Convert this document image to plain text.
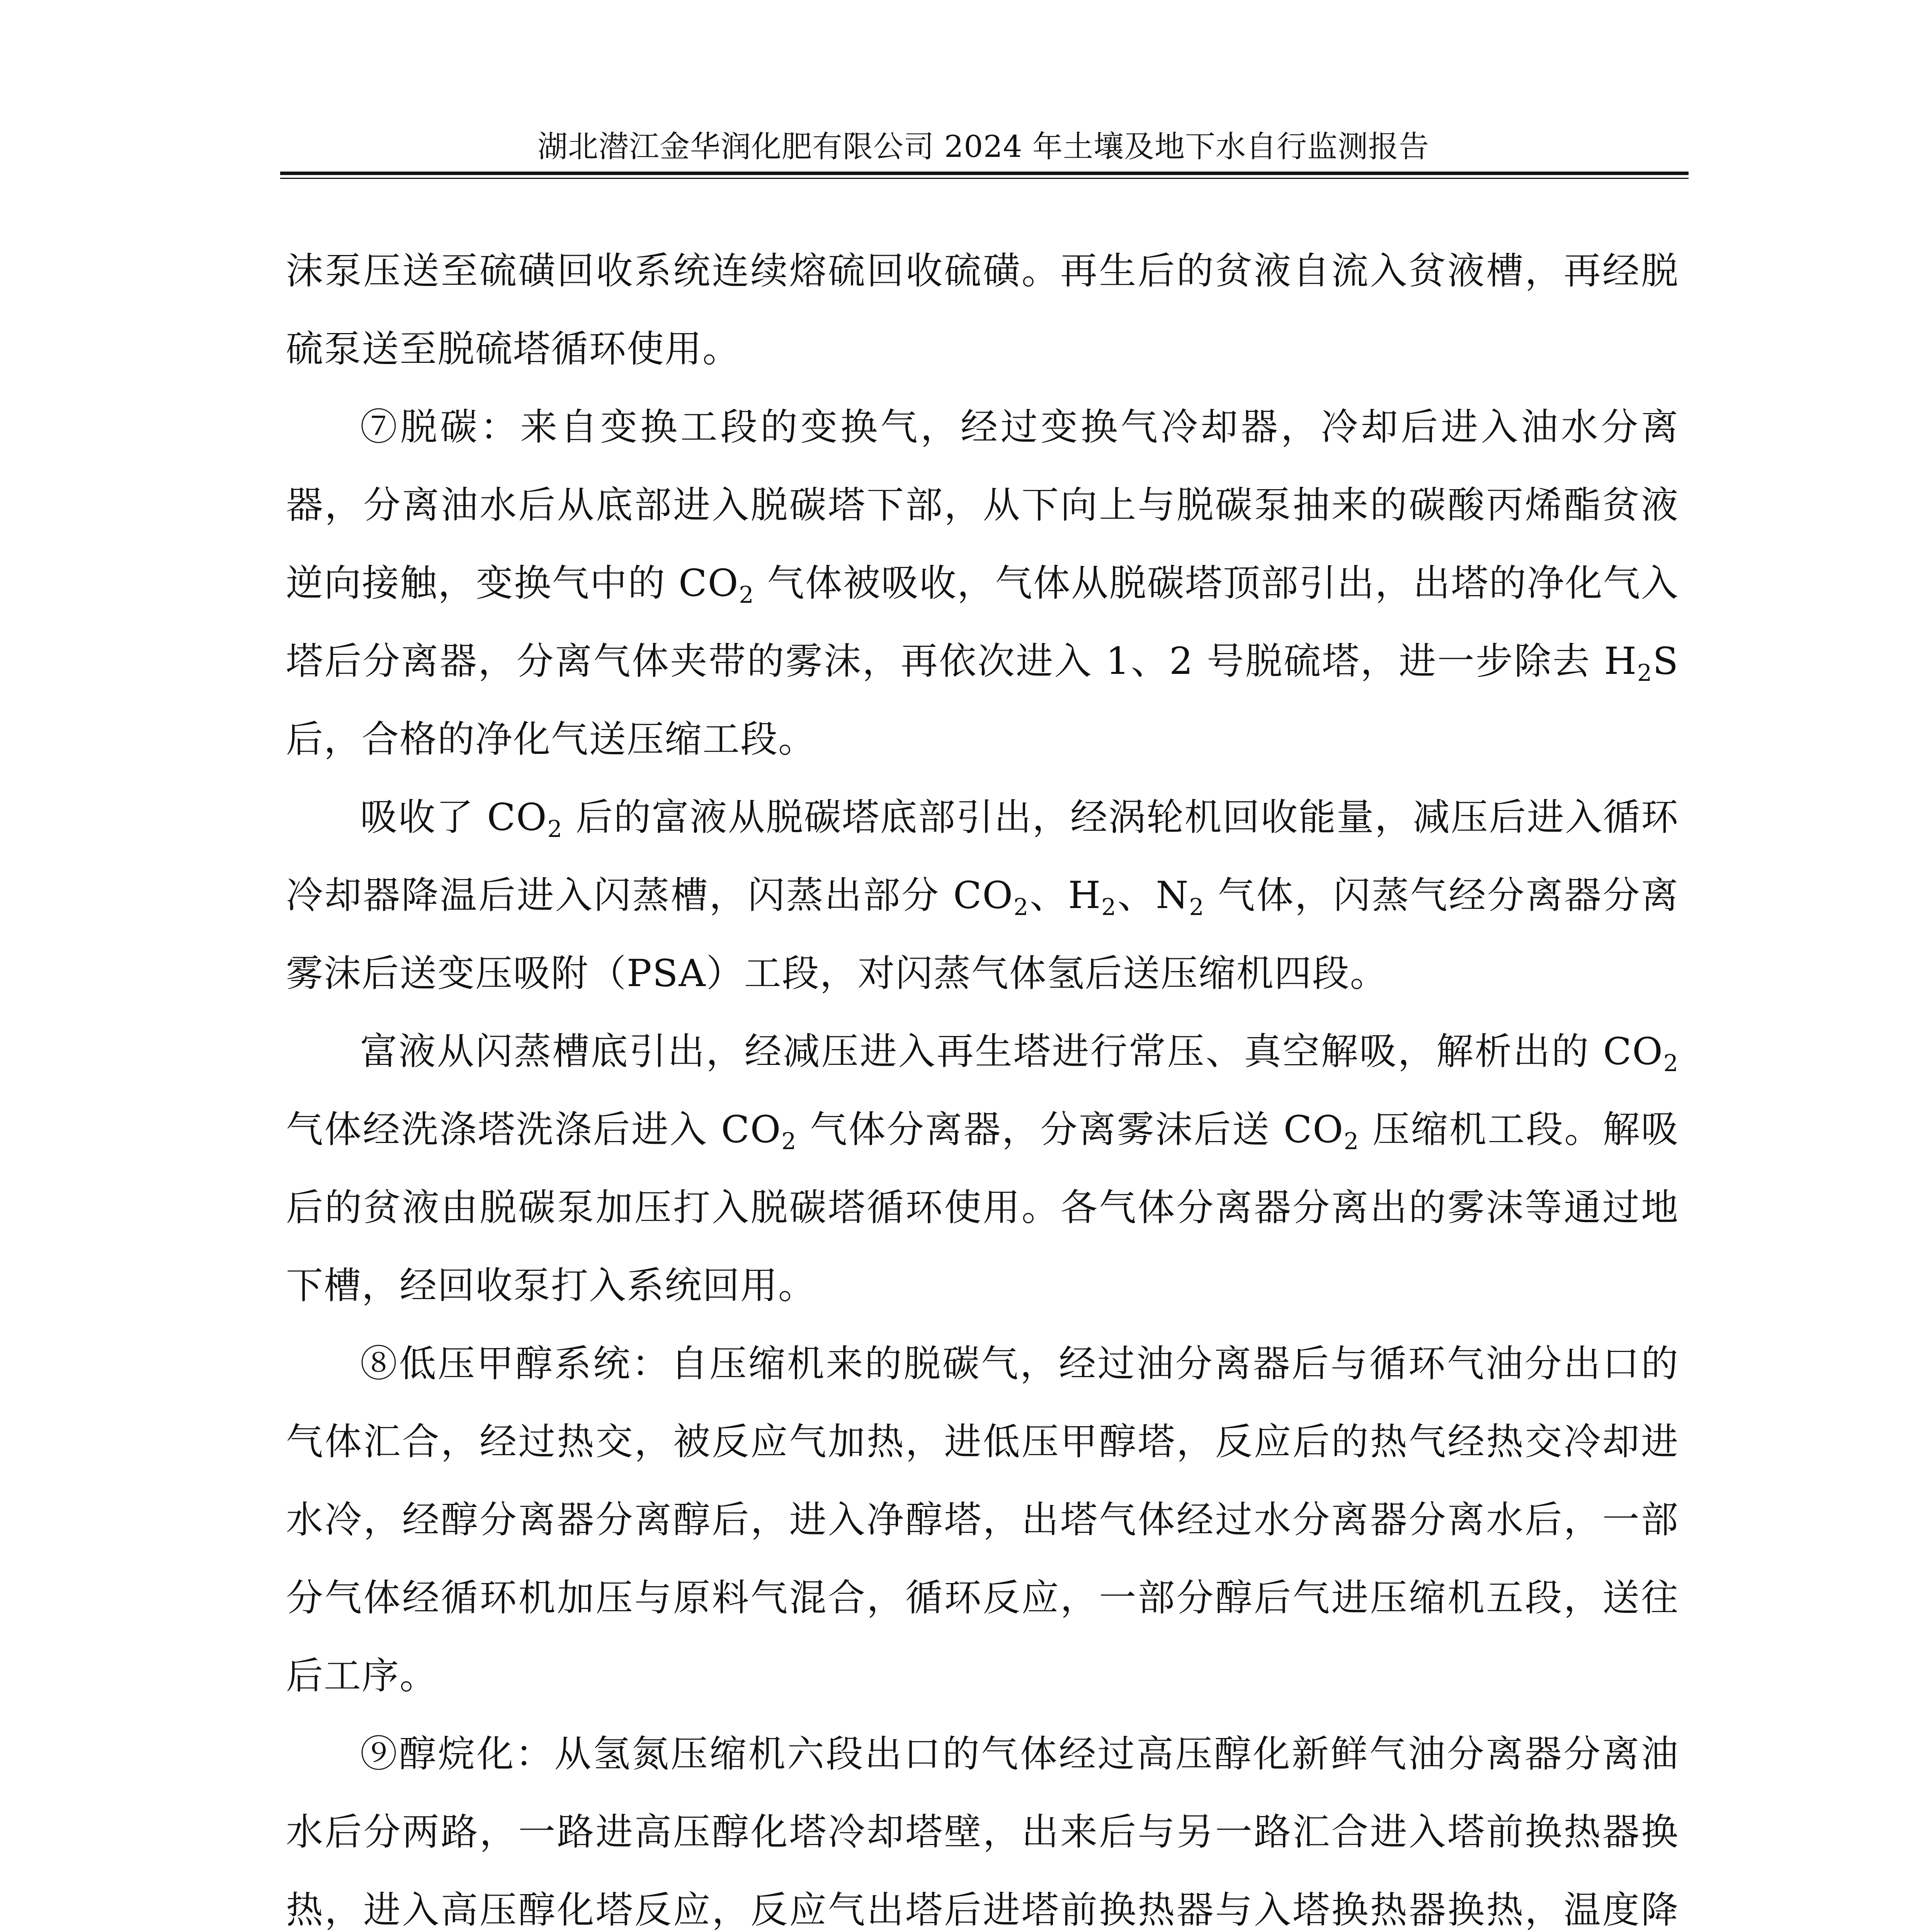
湖北潜江金华润化肥有限公司 2024 年土壤及地下水自行监测报告

沫泵压送至硫磺回收系统连续熔硫回收硫磺。再生后的贫液自流入贫液槽，再经脱硫泵送至脱硫塔循环使用。

⑦脱碳：来自变换工段的变换气，经过变换气冷却器，冷却后进入油水分离器，分离油水后从底部进入脱碳塔下部，从下向上与脱碳泵抽来的碳酸丙烯酯贫液逆向接触，变换气中的 $CO_2$ 气体被吸收，气体从脱碳塔顶部引出，出塔的净化气入塔后分离器，分离气体夹带的雾沫，再依次进入 1、2 号脱硫塔，进一步除去 $H_2S$ 后，合格的净化气送压缩工段。

吸收了 $CO_2$ 后的富液从脱碳塔底部引出，经涡轮机回收能量，减压后进入循环冷却器降温后进入闪蒸槽，闪蒸出部分 $CO_2$、$H_2$、$N_2$ 气体，闪蒸气经分离器分离雾沫后送变压吸附（PSA）工段，对闪蒸气体氢后送压缩机四段。

富液从闪蒸槽底引出，经减压进入再生塔进行常压、真空解吸，解析出的 $CO_2$ 气体经洗涤塔洗涤后进入 $CO_2$ 气体分离器，分离雾沫后送 $CO_2$ 压缩机工段。解吸后的贫液由脱碳泵加压打入脱碳塔循环使用。各气体分离器分离出的雾沫等通过地下槽，经回收泵打入系统回用。

⑧低压甲醇系统：自压缩机来的脱碳气，经过油分离器后与循环气油分出口的气体汇合，经过热交，被反应气加热，进低压甲醇塔，反应后的热气经热交冷却进水冷，经醇分离器分离醇后，进入净醇塔，出塔气体经过水分离器分离水后，一部分气体经循环机加压与原料气混合，循环反应，一部分醇后气进压缩机五段，送往后工序。

⑨醇烷化：从氢氮压缩机六段出口的气体经过高压醇化新鲜气油分离器分离油水后分两路，一路进高压醇化塔冷却塔壁，出来后与另一路汇合进入塔前换热器换热，进入高压醇化塔反应，反应气出塔后进塔前换热器与入塔换热器换热，温度降
